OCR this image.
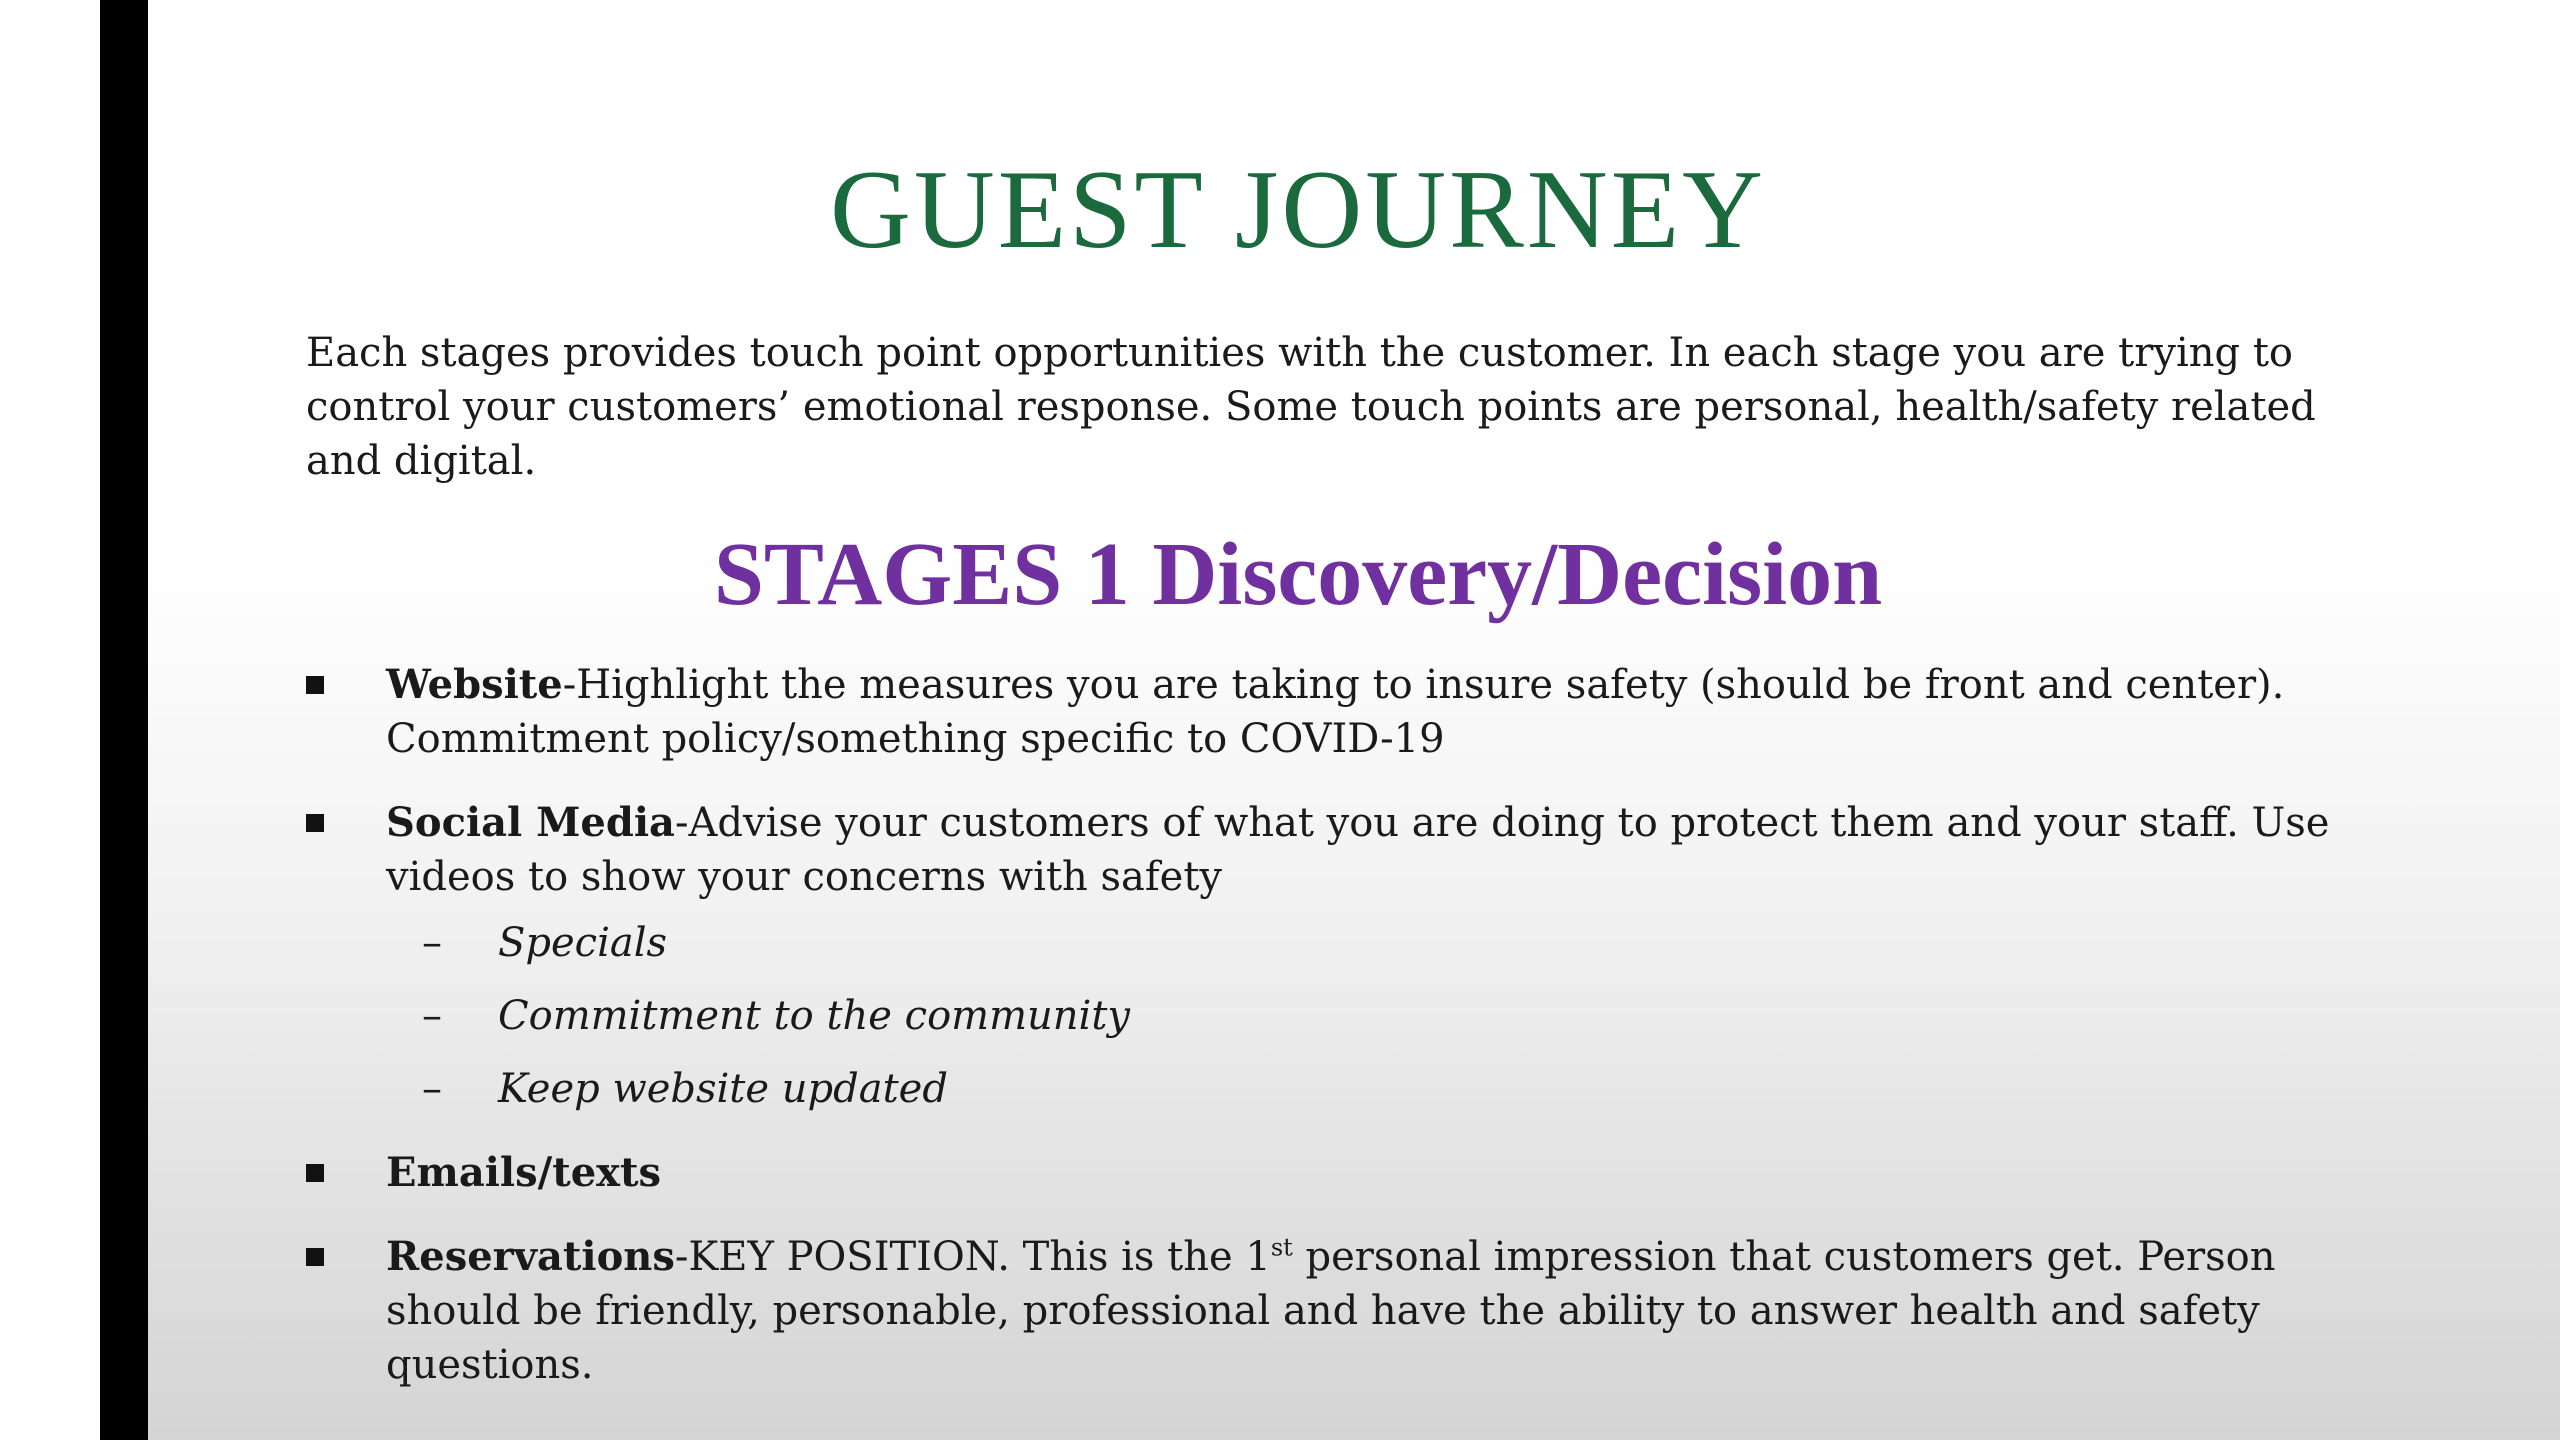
GUEST JOURNEY

Each stages provides touch point opportunities with the customer. In each stage you are trying to control your customers’ emotional response. Some touch points are personal, health/safety related and digital.

STAGES 1 Discovery/Decision
Website-Highlight the measures you are taking to insure safety (should be front and center). Commitment policy/something specific to COVID-19
Social Media-Advise your customers of what you are doing to protect them and your staff. Use videos to show your concerns with safety
– Specials
– Commitment to the community
– Keep website updated
Emails/texts
Reservations-KEY POSITION. This is the 1st personal impression that customers get. Person should be friendly, personable, professional and have the ability to answer health and safety questions.
